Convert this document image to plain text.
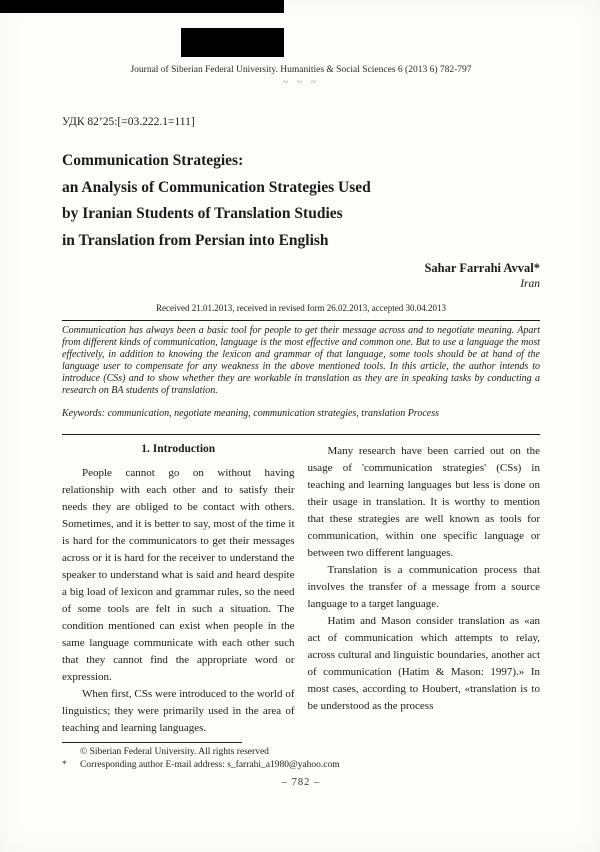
Journal of Siberian Federal University. Humanities & Social Sciences 6 (2013 6) 782-797
~ ~ ~
УДК 82’25:[=03.222.1=111]
Communication Strategies:
an Analysis of Communication Strategies Used
by Iranian Students of Translation Studies
in Translation from Persian into English
Sahar Farrahi Avval*
Iran
Received 21.01.2013, received in revised form 26.02.2013, accepted 30.04.2013

Communication has always been a basic tool for people to get their message across and to negotiate meaning. Apart from different kinds of communication, language is the most effective and common one. But to use a language the most effectively, in addition to knowing the lexicon and grammar of that language, some tools should be at hand of the language user to compensate for any weakness in the above mentioned tools. In this article, the author intends to introduce (CSs) and to show whether they are workable in translation as they are in speaking tasks by conducting a research on BA students of translation.

Keywords: communication, negotiate meaning, communication strategies, translation Process

1. Introduction

People cannot go on without having relationship with each other and to satisfy their needs they are obliged to be contact with others. Sometimes, and it is better to say, most of the time it is hard for the communicators to get their messages across or it is hard for the receiver to understand the speaker to understand what is said and heard despite a big load of lexicon and grammar rules, so the need of some tools are felt in such a situation. The condition mentioned can exist when people in the same language communicate with each other such that they cannot find the appropriate word or expression.

When first, CSs were introduced to the world of linguistics; they were primarily used in the area of teaching and learning languages.

Many research have been carried out on the usage of 'communication strategies' (CSs) in teaching and learning languages but less is done on their usage in translation. It is worthy to mention that these strategies are well known as tools for communication, within one specific language or between two different languages.

Translation is a communication process that involves the transfer of a message from a source language to a target language.

Hatim and Mason consider translation as «an act of communication which attempts to relay, across cultural and linguistic boundaries, another act of communication (Hatim & Mason: 1997).» In most cases, according to Houbert, «translation is to be understood as the process

© Siberian Federal University. All rights reserved
* Corresponding author E-mail address: s_farrahi_a1980@yahoo.com
– 782 –
